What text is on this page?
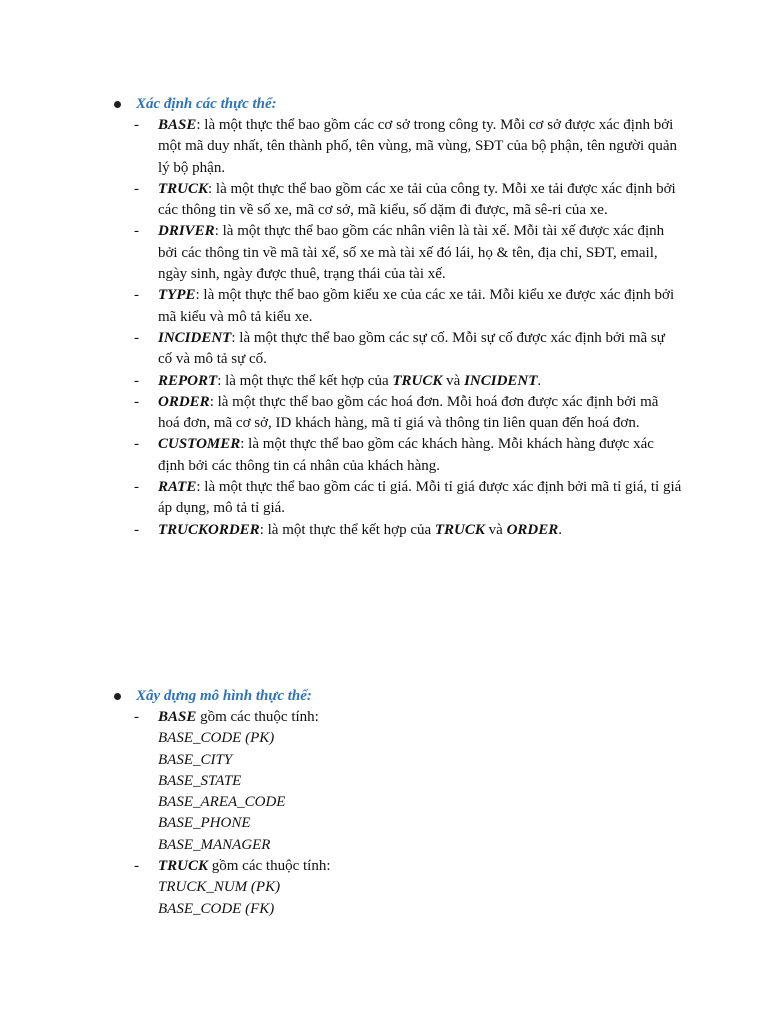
Xác định các thực thể:
- BASE: là một thực thể bao gồm các cơ sở trong công ty. Mỗi cơ sở được xác định bởi một mã duy nhất, tên thành phố, tên vùng, mã vùng, SĐT của bộ phận, tên người quản lý bộ phận.
- TRUCK: là một thực thể bao gồm các xe tải của công ty. Mỗi xe tải được xác định bởi các thông tin về số xe, mã cơ sở, mã kiểu, số dặm đi được, mã sê-ri của xe.
- DRIVER: là một thực thể bao gồm các nhân viên là tài xế. Mỗi tài xế được xác định bởi các thông tin về mã tài xế, số xe mà tài xế đó lái, họ & tên, địa chỉ, SĐT, email, ngày sinh, ngày được thuê, trạng thái của tài xế.
- TYPE: là một thực thể bao gồm kiểu xe của các xe tải. Mỗi kiểu xe được xác định bởi mã kiểu và mô tả kiểu xe.
- INCIDENT: là một thực thể bao gồm các sự cố. Mỗi sự cố được xác định bởi mã sự cố và mô tả sự cố.
- REPORT: là một thực thể kết hợp của TRUCK và INCIDENT.
- ORDER: là một thực thể bao gồm các hoá đơn. Mỗi hoá đơn được xác định bởi mã hoá đơn, mã cơ sở, ID khách hàng, mã tỉ giá và thông tin liên quan đến hoá đơn.
- CUSTOMER: là một thực thể bao gồm các khách hàng. Mỗi khách hàng được xác định bởi các thông tin cá nhân của khách hàng.
- RATE: là một thực thể bao gồm các tỉ giá. Mỗi tỉ giá được xác định bởi mã tỉ giá, tỉ giá áp dụng, mô tả tỉ giá.
- TRUCKORDER: là một thực thể kết hợp của TRUCK và ORDER.
Xây dựng mô hình thực thể:
- BASE gồm các thuộc tính:
BASE_CODE (PK)
BASE_CITY
BASE_STATE
BASE_AREA_CODE
BASE_PHONE
BASE_MANAGER
- TRUCK gồm các thuộc tính:
TRUCK_NUM (PK)
BASE_CODE (FK)
